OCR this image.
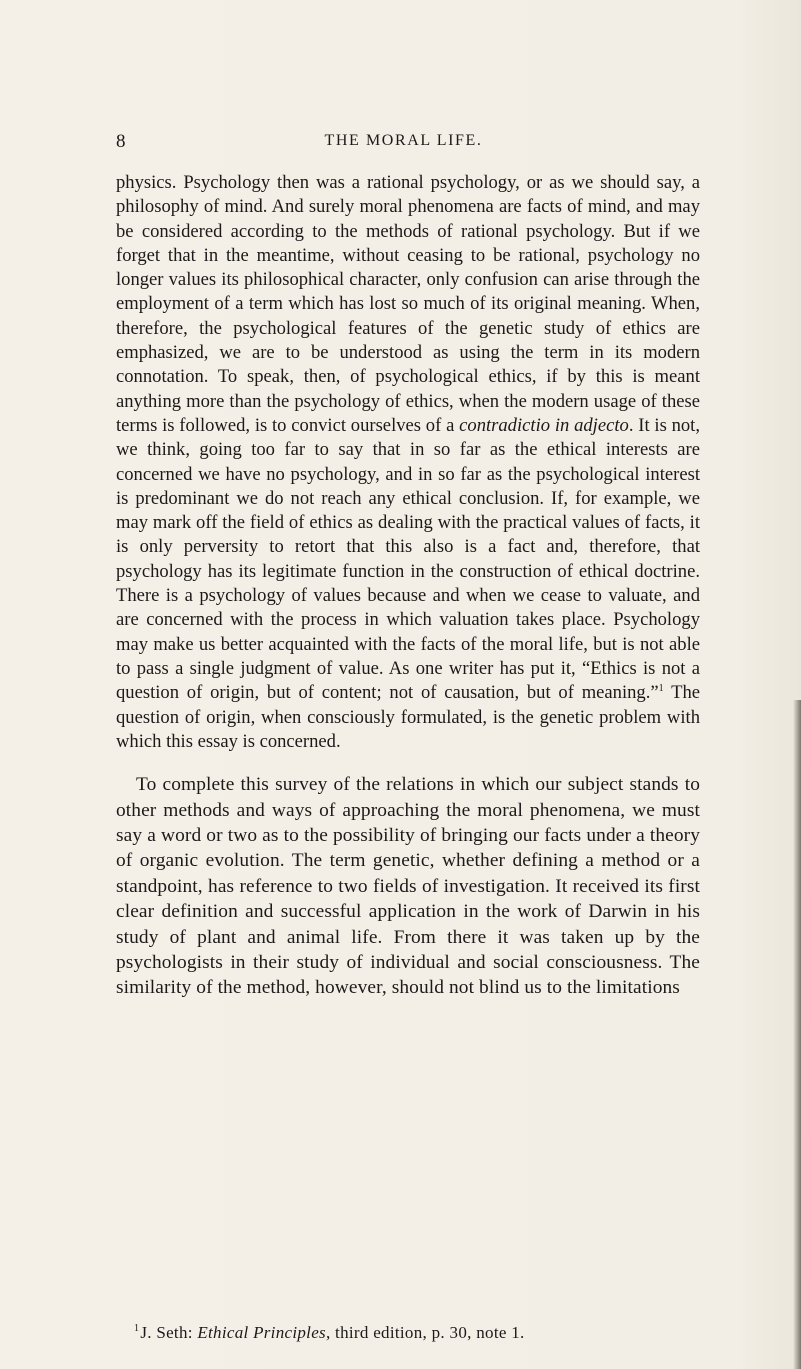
8	THE MORAL LIFE.

physics. Psychology then was a rational psychology, or as we should say, a philosophy of mind. And surely moral phenomena are facts of mind, and may be considered according to the methods of rational psychology. But if we forget that in the meantime, without ceasing to be rational, psychology no longer values its philosophical character, only confusion can arise through the employment of a term which has lost so much of its original meaning. When, therefore, the psychological features of the genetic study of ethics are emphasized, we are to be understood as using the term in its modern connotation. To speak, then, of psychological ethics, if by this is meant anything more than the psychology of ethics, when the modern usage of these terms is followed, is to convict ourselves of a contradictio in adjecto. It is not, we think, going too far to say that in so far as the ethical interests are concerned we have no psychology, and in so far as the psychological interest is predominant we do not reach any ethical conclusion. If, for example, we may mark off the field of ethics as dealing with the practical values of facts, it is only perversity to retort that this also is a fact and, therefore, that psychology has its legitimate function in the construction of ethical doctrine. There is a psychology of values because and when we cease to valuate, and are concerned with the process in which valuation takes place. Psychology may make us better acquainted with the facts of the moral life, but is not able to pass a single judgment of value. As one writer has put it, “Ethics is not a question of origin, but of content; not of causation, but of meaning.”$^1$ The question of origin, when consciously formulated, is the genetic problem with which this essay is concerned.

To complete this survey of the relations in which our subject stands to other methods and ways of approaching the moral phenomena, we must say a word or two as to the possibility of bringing our facts under a theory of organic evolution. The term genetic, whether defining a method or a standpoint, has reference to two fields of investigation. It received its first clear definition and successful application in the work of Darwin in his study of plant and animal life. From there it was taken up by the psychologists in their study of individual and social consciousness. The similarity of the method, however, should not blind us to the limitations

$^1$J. Seth: Ethical Principles, third edition, p. 30, note 1.
